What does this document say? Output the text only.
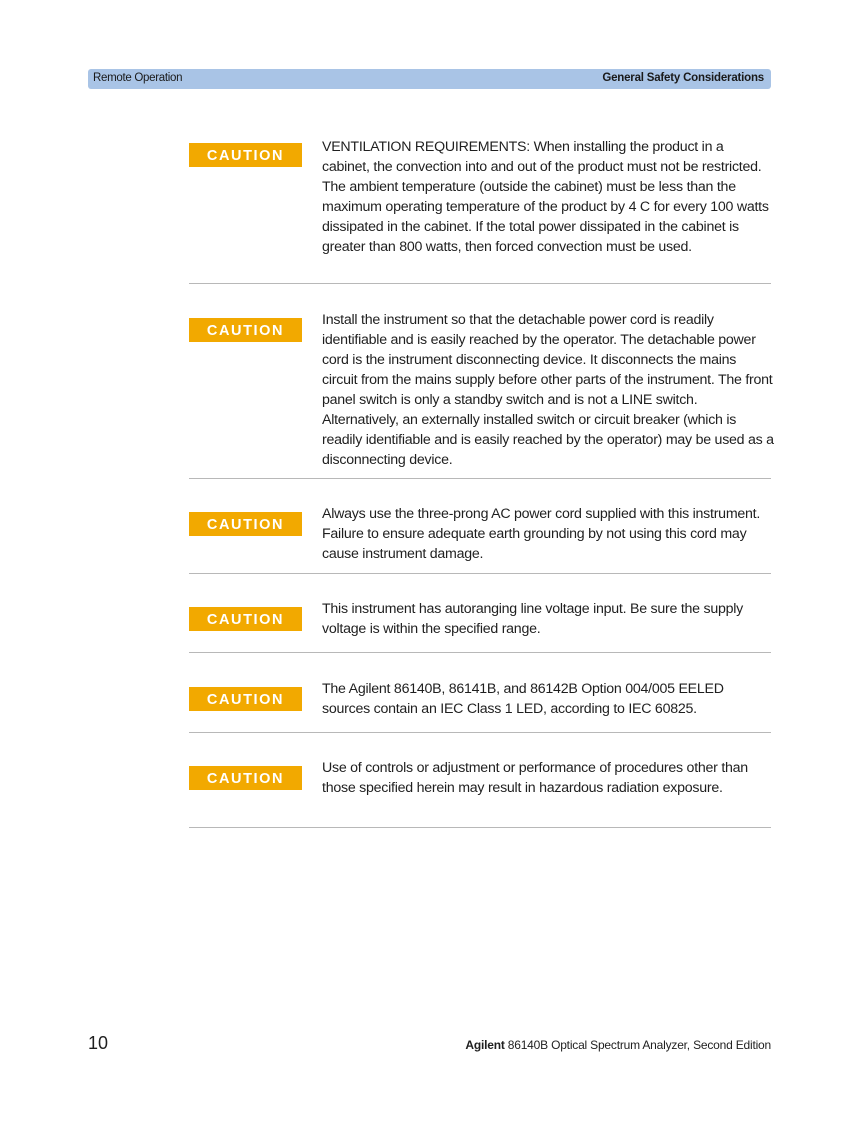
Remote Operation	General Safety Considerations
CAUTION
VENTILATION REQUIREMENTS: When installing the product in a cabinet, the convection into and out of the product must not be restricted. The ambient temperature (outside the cabinet) must be less than the maximum operating temperature of the product by 4 C for every 100 watts dissipated in the cabinet. If the total power dissipated in the cabinet is greater than 800 watts, then forced convection must be used.
CAUTION
Install the instrument so that the detachable power cord is readily identifiable and is easily reached by the operator. The detachable power cord is the instrument disconnecting device. It disconnects the mains circuit from the mains supply before other parts of the instrument. The front panel switch is only a standby switch and is not a LINE switch. Alternatively, an externally installed switch or circuit breaker (which is readily identifiable and is easily reached by the operator) may be used as a disconnecting device.
CAUTION
Always use the three-prong AC power cord supplied with this instrument. Failure to ensure adequate earth grounding by not using this cord may cause instrument damage.
CAUTION
This instrument has autoranging line voltage input. Be sure the supply voltage is within the specified range.
CAUTION
The Agilent 86140B, 86141B, and 86142B Option 004/005 EELED sources contain an IEC Class 1 LED, according to IEC 60825.
CAUTION
Use of controls or adjustment or performance of procedures other than those specified herein may result in hazardous radiation exposure.
10	Agilent 86140B Optical Spectrum Analyzer, Second Edition
